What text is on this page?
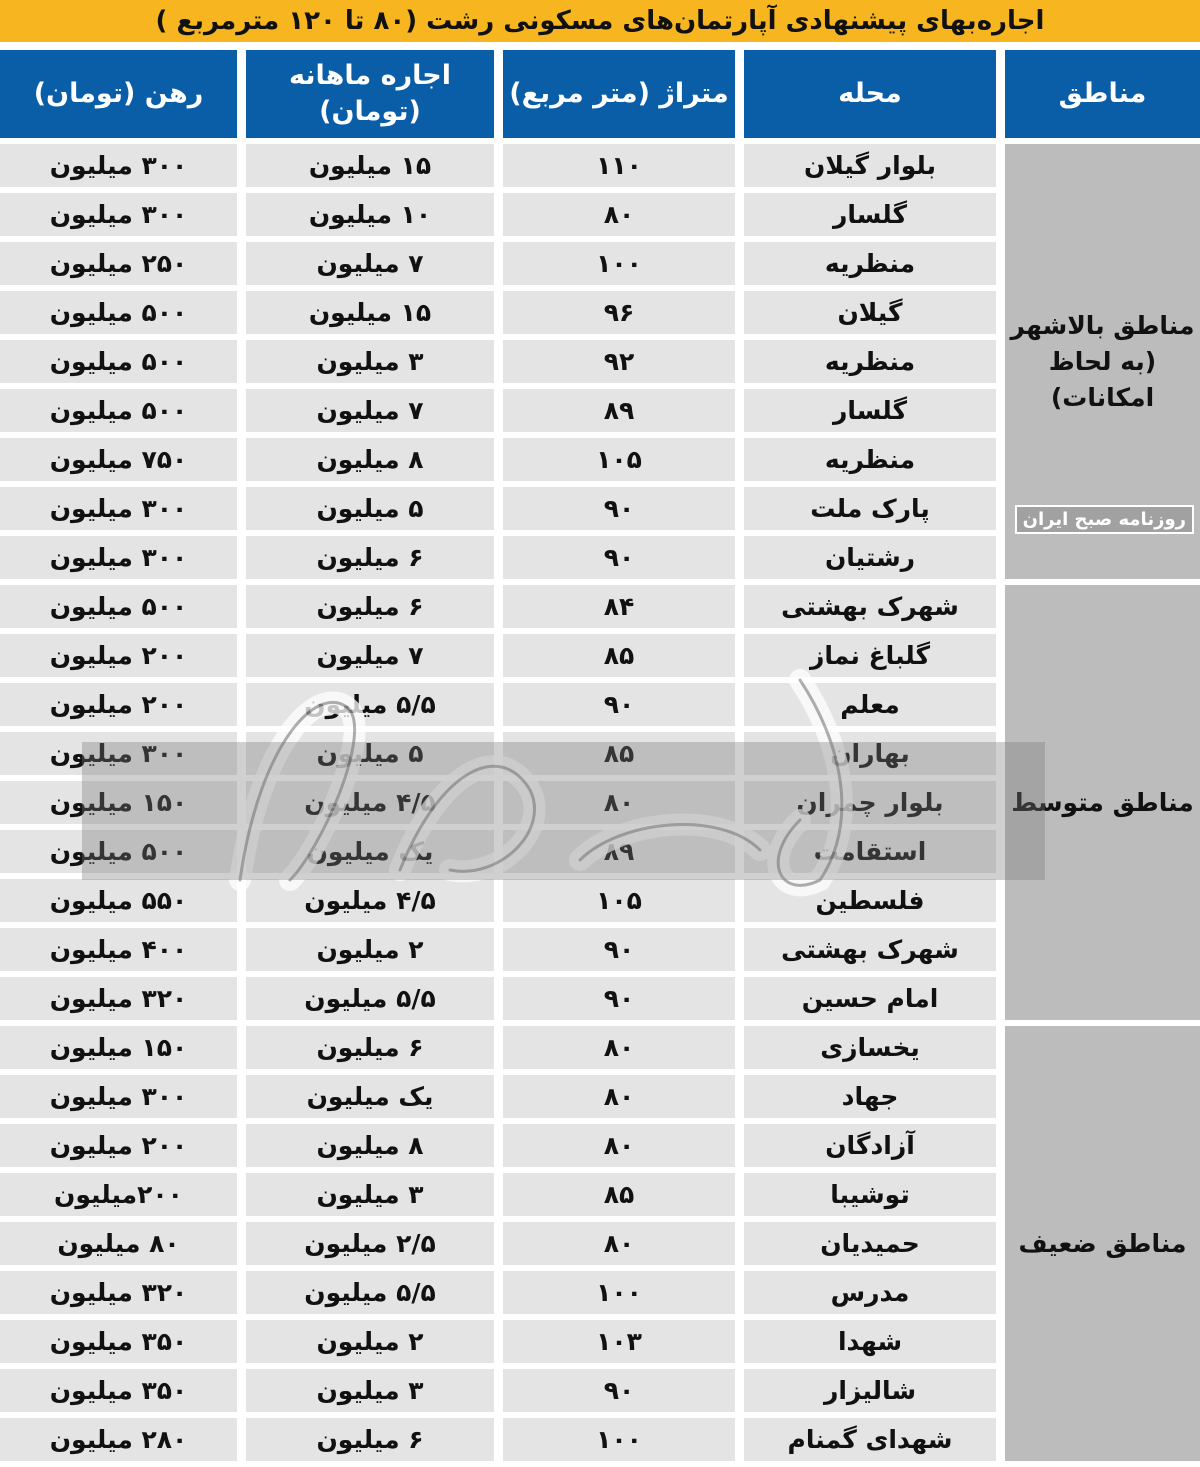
اجاره‌بهای پیشنهادی آپارتمان‌های مسکونی رشت (۸۰ تا ۱۲۰ مترمربع )
مناطق	محله	متراژ (متر مربع)	اجاره ماهانه (تومان)	رهن (تومان)
مناطق بالاشهر (به لحاظ امکانات)	بلوار گیلان	۱۱۰	۱۵ میلیون	۳۰۰ میلیون
	گلسار	۸۰	۱۰ میلیون	۳۰۰ میلیون
	منظریه	۱۰۰	۷ میلیون	۲۵۰ میلیون
	گیلان	۹۶	۱۵ میلیون	۵۰۰ میلیون
	منظریه	۹۲	۳ میلیون	۵۰۰ میلیون
	گلسار	۸۹	۷ میلیون	۵۰۰ میلیون
	منظریه	۱۰۵	۸ میلیون	۷۵۰ میلیون
	پارک ملت	۹۰	۵ میلیون	۳۰۰ میلیون
	رشتیان	۹۰	۶ میلیون	۳۰۰ میلیون
مناطق متوسط	شهرک بهشتی	۸۴	۶ میلیون	۵۰۰ میلیون
	گلباغ نماز	۸۵	۷ میلیون	۲۰۰ میلیون
	معلم	۹۰	۵/۵ میلیون	۲۰۰ میلیون
	بهاران	۸۵	۵ میلیون	۳۰۰ میلیون
	بلوار چمران	۸۰	۴/۵ میلیون	۱۵۰ میلیون
	استقامت	۸۹	یک میلیون	۵۰۰ میلیون
	فلسطین	۱۰۵	۴/۵ میلیون	۵۵۰ میلیون
	شهرک بهشتی	۹۰	۲ میلیون	۴۰۰ میلیون
	امام حسین	۹۰	۵/۵ میلیون	۳۲۰ میلیون
مناطق ضعیف	یخسازی	۸۰	۶ میلیون	۱۵۰ میلیون
	جهاد	۸۰	یک میلیون	۳۰۰ میلیون
	آزادگان	۸۰	۸ میلیون	۲۰۰ میلیون
	توشیبا	۸۵	۳ میلیون	۲۰۰میلیون
	حمیدیان	۸۰	۲/۵ میلیون	۸۰ میلیون
	مدرس	۱۰۰	۵/۵ میلیون	۳۲۰ میلیون
	شهدا	۱۰۳	۲ میلیون	۳۵۰ میلیون
	شالیزار	۹۰	۳ میلیون	۳۵۰ میلیون
	شهدای گمنام	۱۰۰	۶ میلیون	۲۸۰ میلیون
روزنامه صبح ایران
